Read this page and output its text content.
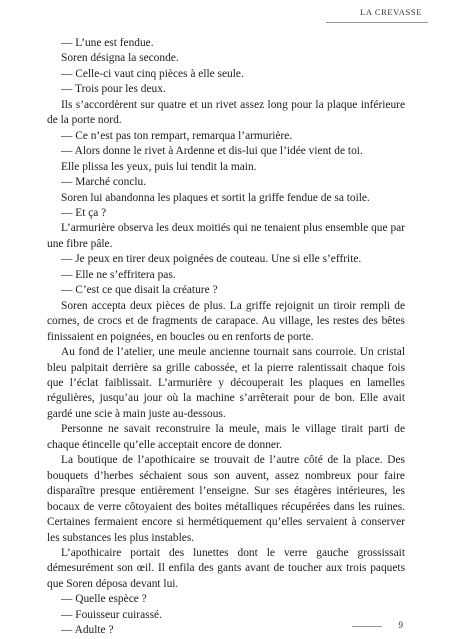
LA CREVASSE

— L’une est fendue.

Soren désigna la seconde.

— Celle-ci vaut cinq pièces à elle seule.

— Trois pour les deux.

Ils s’accordèrent sur quatre et un rivet assez long pour la plaque inférieure de la porte nord.

— Ce n’est pas ton rempart, remarqua l’armurière.

— Alors donne le rivet à Ardenne et dis-lui que l’idée vient de toi.

Elle plissa les yeux, puis lui tendit la main.

— Marché conclu.

Soren lui abandonna les plaques et sortit la griffe fendue de sa toile.

— Et ça ?

L’armurière observa les deux moitiés qui ne tenaient plus ensemble que par une fibre pâle.

— Je peux en tirer deux poignées de couteau. Une si elle s’effrite.

— Elle ne s’effritera pas.

— C’est ce que disait la créature ?

Soren accepta deux pièces de plus. La griffe rejoignit un tiroir rempli de cornes, de crocs et de fragments de carapace. Au village, les restes des bêtes finissaient en poignées, en boucles ou en renforts de porte.

Au fond de l’atelier, une meule ancienne tournait sans courroie. Un cristal bleu palpitait derrière sa grille cabossée, et la pierre ralentissait chaque fois que l’éclat faiblissait. L’armurière y découperait les plaques en lamelles régulières, jusqu’au jour où la machine s’arrêterait pour de bon. Elle avait gardé une scie à main juste au-dessous.

Personne ne savait reconstruire la meule, mais le village tirait parti de chaque étincelle qu’elle acceptait encore de donner.

La boutique de l’apothicaire se trouvait de l’autre côté de la place. Des bouquets d’herbes séchaient sous son auvent, assez nombreux pour faire disparaître presque entièrement l’enseigne. Sur ses étagères intérieures, les bocaux de verre côtoyaient des boites métalliques récupérées dans les ruines. Certaines fermaient encore si hermétiquement qu’elles servaient à conserver les substances les plus instables.

L’apothicaire portait des lunettes dont le verre gauche grossissait démesurément son œil. Il enfila des gants avant de toucher aux trois paquets que Soren déposa devant lui.

— Quelle espèce ?

— Fouisseur cuirassé.

— Adulte ?	9
